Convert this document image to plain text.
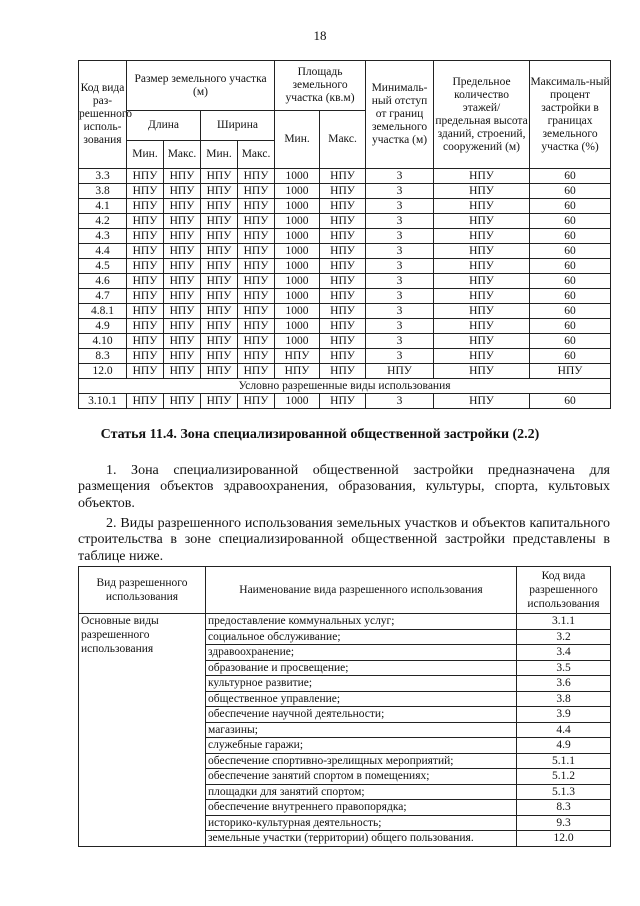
18
Код вида раз-решенного исполь-зования	Размер земельного участка (м)				Площадь земельного участка (кв.м)		Минималь-ный отступ от границ земельного участка (м)	Предельное количество этажей/ предельная высота зданий, строений, сооружений (м)	Максималь-ный процент застройки в границах земельного участка (%)
	Длина		Ширина		Мин.	Макс.			
	Мин.	Макс.	Мин.	Макс.					
3.3	НПУ	НПУ	НПУ	НПУ	1000	НПУ	3	НПУ	60
3.8	НПУ	НПУ	НПУ	НПУ	1000	НПУ	3	НПУ	60
4.1	НПУ	НПУ	НПУ	НПУ	1000	НПУ	3	НПУ	60
4.2	НПУ	НПУ	НПУ	НПУ	1000	НПУ	3	НПУ	60
4.3	НПУ	НПУ	НПУ	НПУ	1000	НПУ	3	НПУ	60
4.4	НПУ	НПУ	НПУ	НПУ	1000	НПУ	3	НПУ	60
4.5	НПУ	НПУ	НПУ	НПУ	1000	НПУ	3	НПУ	60
4.6	НПУ	НПУ	НПУ	НПУ	1000	НПУ	3	НПУ	60
4.7	НПУ	НПУ	НПУ	НПУ	1000	НПУ	3	НПУ	60
4.8.1	НПУ	НПУ	НПУ	НПУ	1000	НПУ	3	НПУ	60
4.9	НПУ	НПУ	НПУ	НПУ	1000	НПУ	3	НПУ	60
4.10	НПУ	НПУ	НПУ	НПУ	1000	НПУ	3	НПУ	60
8.3	НПУ	НПУ	НПУ	НПУ	НПУ	НПУ	3	НПУ	60
12.0	НПУ	НПУ	НПУ	НПУ	НПУ	НПУ	НПУ	НПУ	НПУ
Условно разрешенные виды использования									
3.10.1	НПУ	НПУ	НПУ	НПУ	1000	НПУ	3	НПУ	60
Статья 11.4. Зона специализированной общественной застройки (2.2)

1. Зона специализированной общественной застройки предназначена для размещения объектов здравоохранения, образования, культуры, спорта, культовых объектов.

2. Виды разрешенного использования земельных участков и объектов капитального строительства в зоне специализированной общественной застройки представлены в таблице ниже.

Вид разрешенного использования	Наименование вида разрешенного использования	Код вида разрешенного использования
Основные виды разрешенного использования	предоставление коммунальных услуг;	3.1.1
	социальное обслуживание;	3.2
	здравоохранение;	3.4
	образование и просвещение;	3.5
	культурное развитие;	3.6
	общественное управление;	3.8
	обеспечение научной деятельности;	3.9
	магазины;	4.4
	служебные гаражи;	4.9
	обеспечение спортивно-зрелищных мероприятий;	5.1.1
	обеспечение занятий спортом в помещениях;	5.1.2
	площадки для занятий спортом;	5.1.3
	обеспечение внутреннего правопорядка;	8.3
	историко-культурная деятельность;	9.3
	земельные участки (территории) общего пользования.	12.0
